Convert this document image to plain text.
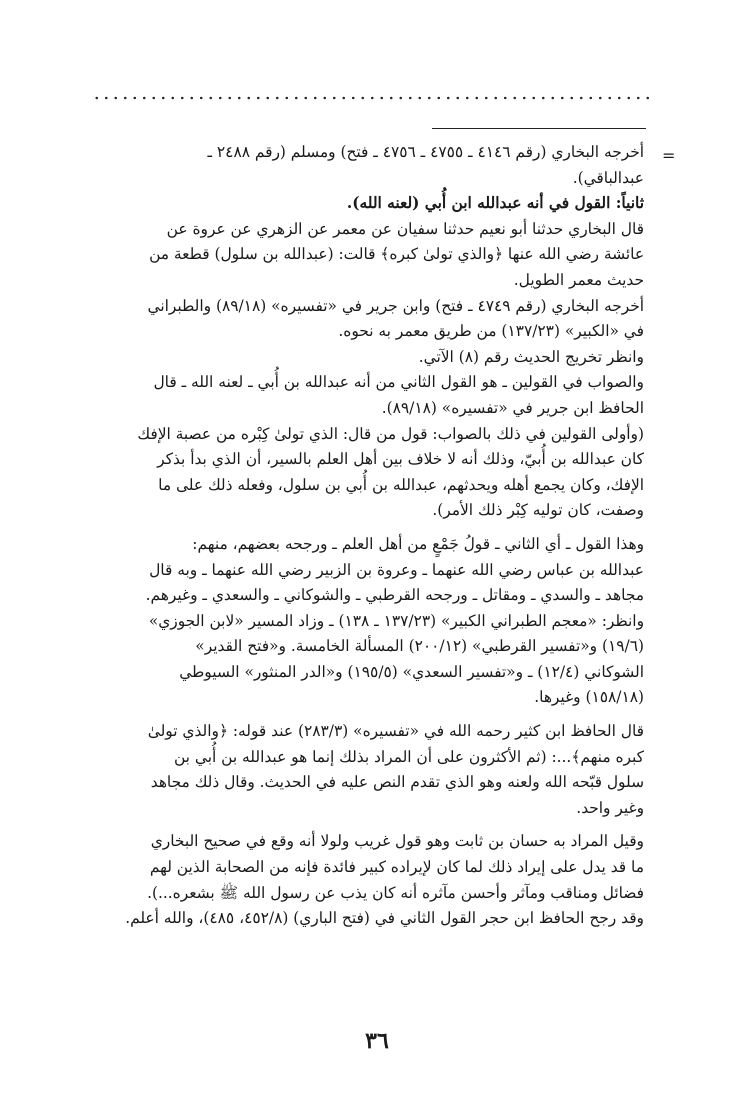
=

أخرجه البخاري (رقم ٤١٤٦ ـ ٤٧٥٥ ـ ٤٧٥٦ ـ فتح) ومسلم (رقم ٢٤٨٨ ـ
عبدالباقي).

ثانياً: القول في أنه عبدالله ابن أُبي (لعنه الله).

قال البخاري حدثنا أبو نعيم حدثنا سفيان عن معمر عن الزهري عن عروة عن
عائشة رضي الله عنها ﴿والذي تولىٰ كبره﴾ قالت: (عبدالله بن سلول) قطعة من
حديث معمر الطويل.

أخرجه البخاري (رقم ٤٧٤٩ ـ فتح) وابن جرير في «تفسيره» (٨٩/١٨) والطبراني
في «الكبير» (١٣٧/٢٣) من طريق معمر به نحوه.

وانظر تخريج الحديث رقم (٨) الآتي.

والصواب في القولين ـ هو القول الثاني من أنه عبدالله بن أُبي ـ لعنه الله ـ قال
الحافظ ابن جرير في «تفسيره» (٨٩/١٨).

(وأولى القولين في ذلك بالصواب: قول من قال: الذي تولىٰ كِبْره من عصبة الإفك
كان عبدالله بن أُبيّ، وذلك أنه لا خلاف بين أهل العلم بالسير، أن الذي بدأ بذكر
الإفك، وكان يجمع أهله ويحدثهم، عبدالله بن أُبي بن سلول، وفعله ذلك على ما
وصفت، كان توليه كِبْر ذلك الأمر).

وهذا القول ـ أي الثاني ـ قولُ جَمْعٍ من أهل العلم ـ ورجحه بعضهم، منهم:
عبدالله بن عباس رضي الله عنهما ـ وعروة بن الزبير رضي الله عنهما ـ وبه قال
مجاهد ـ والسدي ـ ومقاتل ـ ورجحه القرطبي ـ والشوكاني ـ والسعدي ـ وغيرهم.

وانظر: «معجم الطبراني الكبير» (١٣٧/٢٣ ـ ١٣٨) ـ وزاد المسير «لابن الجوزي»
(١٩/٦) و«تفسير القرطبي» (٢٠٠/١٢) المسألة الخامسة. و«فتح القدير»
الشوكاني (١٢/٤) ـ و«تفسير السعدي» (١٩٥/٥) و«الدر المنثور» السيوطي
(١٥٨/١٨) وغيرها.

قال الحافظ ابن كثير رحمه الله في «تفسيره» (٢٨٣/٣) عند قوله: ﴿والذي تولىٰ
كبره منهم﴾...: (ثم الأكثرون على أن المراد بذلك إنما هو عبدالله بن أُبي بن
سلول قبّحه الله ولعنه وهو الذي تقدم النص عليه في الحديث. وقال ذلك مجاهد
وغير واحد.

وقيل المراد به حسان بن ثابت وهو قول غريب ولولا أنه وقع في صحيح البخاري
ما قد يدل على إيراد ذلك لما كان لإيراده كبير فائدة فإنه من الصحابة الذين لهم
فضائل ومناقب ومآثر وأحسن مآثره أنه كان يذب عن رسول الله ﷺ بشعره...).
وقد رجح الحافظ ابن حجر القول الثاني في (فتح الباري) (٤٥٢/٨، ٤٨٥)، والله أعلم.

٣٦
